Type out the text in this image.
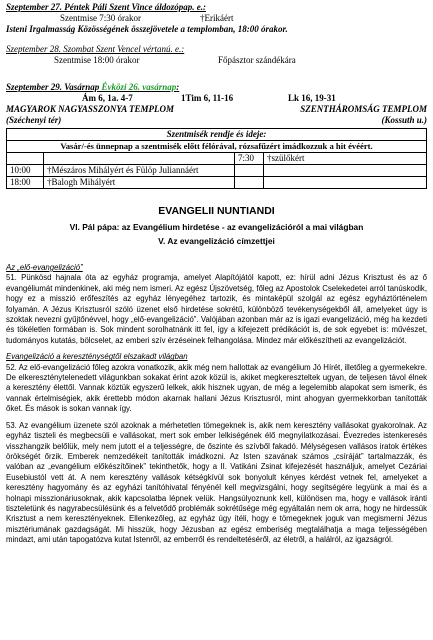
Szeptember 27. Péntek Páli Szent Vince áldozópap. e.:
Szentmise 7:30 órakor	†Erikáért
Isteni Irgalmasság Közösségének összejövetele a templomban, 18:00 órakor.
Szeptember 28. Szombat Szent Vencel vértanú. e.:
Szentmise 18:00 órakor	Főpásztor szándékára
Szeptember 29. Vasárnap Évközi 26. vasárnap:
Ám 6, 1a. 4-7	1Tim 6, 11-16	Lk 16, 19-31
MAGYAROK NAGYASSZONYA TEMPLOM	SZENTHÁROMSÁG TEMPLOM
(Széchenyi tér)	(Kossuth u.)
Szentmisék rendje és ideje:			
Vasár/-és ünnepnap a szentmisék előtt félórával, rózsafűzért imádkozzuk a hit évéért.			
		7:30	†szülőkért
10:00	†Mészáros Mihályért és Fülöp Juliannáért		
18:00	†Balogh Mihályért		
EVANGELII NUNTIANDI
VI. Pál pápa: az Evangélium hirdetése - az evangelizációról a mai világban
V. Az evangelizáció címzettjei

Az „elő-evangelizáció”

51. Pünkösd hajnala óta az egyház programja, amelyet Alapítójától kapott, ez: hírül adni Jézus Krisztust és az ő evangéliumát mindenkinek, aki még nem ismeri. Az egész Újszövetség, főleg az Apostolok Cselekedetei arról tanúskodik, hogy ez a misszió erőfeszítés az egyház lényegéhez tartozik, és mintaképül szolgál az egész egyháztörténelem folyamán. A Jézus Krisztusról szóló üzenet első hirdetése sokrétű, különböző tevékenységekből áll, amelyeket úgy is szoktak nevezni gyűjtőnévvel, hogy „elő-evangelizáció”. Valójában azonban már az is igazi evangelizáció, még ha kezdeti és tökéletlen formában is. Sok mindent sorolhatnánk itt fel, így a kifejezett prédikációt is, de sok egyebet is: művészet, tudományos kutatás, bölcselet, az emberi szív érzéseinek felhangolása. Mindez már előkészítheti az evangelizációt.

Evangelizáció a kereszténységtől elszakadt világban

52. Az elő-evangelizáció főleg azokra vonatkozik, akik még nem hallottak az evangélium Jó Hírét, illetőleg a gyermekekre. De elkereszténytelenedett világunkban sokakat érint azok közül is, akiket megkereszteltek ugyan, de teljesen távol élnek a keresztény élettől. Vannak köztük egyszerű lelkek, akik hisznek ugyan, de még a legelemibb alapokat sem ismerik, és vannak értelmiségiek, akik érettebb módon akarnak hallani Jézus Krisztusról, mint ahogyan gyermekkorban tanították őket. És mások is sokan vannak így.

53. Az evangélium üzenete szól azoknak a mérhetetlen tömegeknek is, akik nem keresztény vallásokat gyakorolnak. Az egyház tiszteli és megbecsüli e vallásokat, mert sok ember lelkiségének élő megnyilatkozásai. Évezredes istenkeresés visszhangzik belőlük, mely nem jutott el a teljességre, de őszinte és szívből fakadó. Mélységesen vallásos iratok értékes örökségét őrzik. Emberek nemzedékeit tanították imádkozni. Az Isten szavának számos „csíráját” tartalmazzák, és valóban az „evangélium előkészítőinek” tekinthetők, hogy a II. Vatikáni Zsinat kifejezését használjuk, amelyet Cezáriai Eusebiustól vett át. A nem keresztény vallások kétségkívül sok bonyolult kényes kérdést vetnek fel, amelyeket a keresztény hagyomány és az egyházi tanítóhivatal fényénél kell megvizsgálni, hogy segítségére legyünk a mai és a holnapi misszionáriusoknak, akik kapcsolatba lépnek velük. Hangsúlyoznunk kell, különösen ma, hogy e vallások iránti tiszteletünk és nagyrabecsülésünk és a felvetődő problémák sokrétűsége még egyáltalán nem ok arra, hogy ne hirdessük Krisztust a nem keresztényeknek. Ellenkezőleg, az egyház úgy ítéli, hogy e tömegeknek joguk van megismerni Jézus misztériumának gazdagságát. Mi hisszük, hogy Jézusban az egész emberiség megtalálhatja a maga teljességében mindazt, ami után tapogatózva kutat Istenről, az emberről és rendeltetéséről, az életről, a halálról, az igazságról.
